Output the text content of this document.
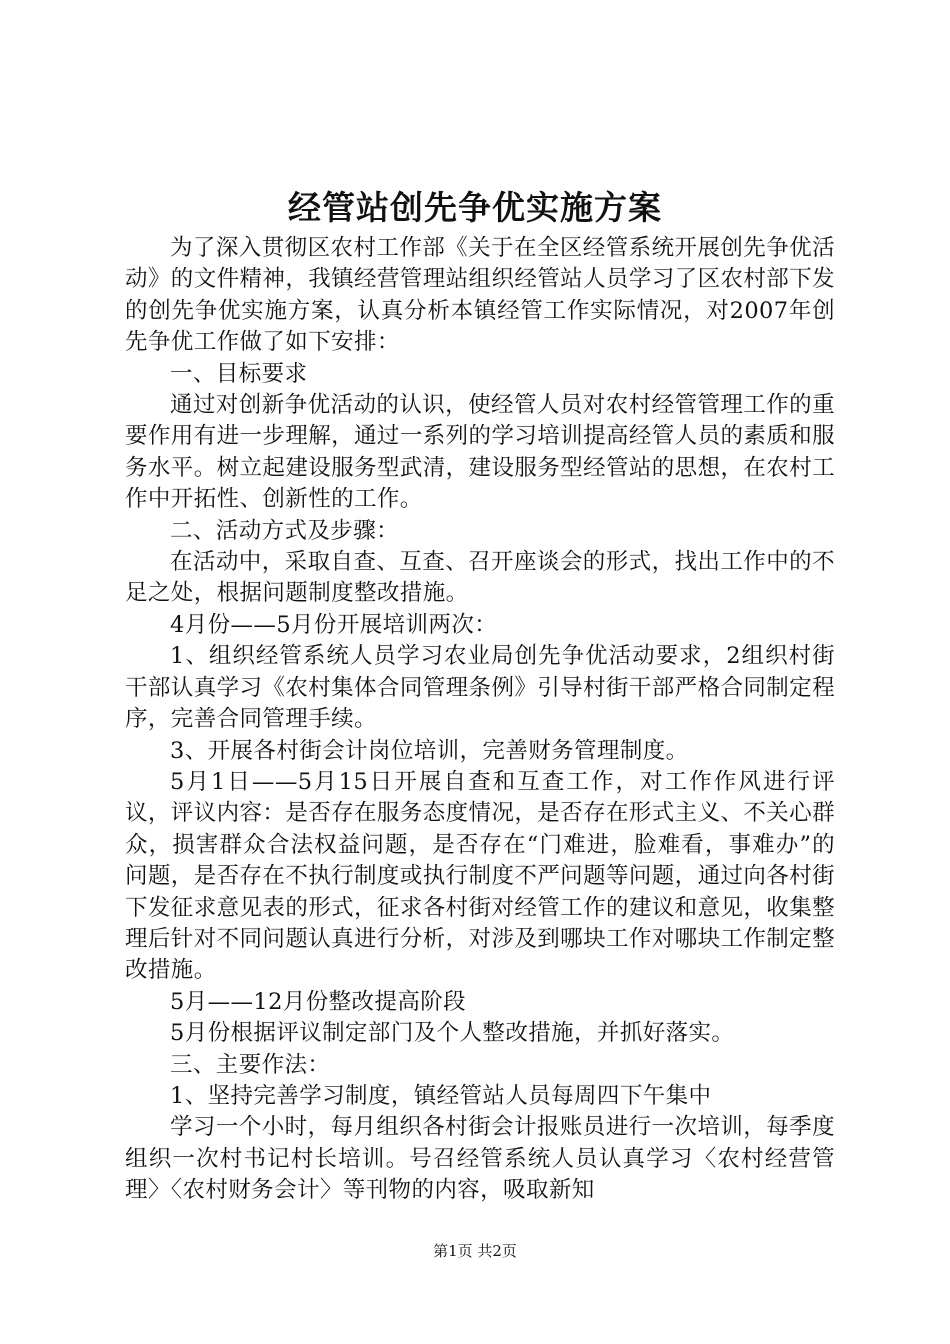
经管站创先争优实施方案

为了深入贯彻区农村工作部《关于在全区经管系统开展创先争优活动》的文件精神，我镇经营管理站组织经管站人员学习了区农村部下发的创先争优实施方案，认真分析本镇经管工作实际情况，对2007年创先争优工作做了如下安排：

一、目标要求

通过对创新争优活动的认识，使经管人员对农村经管管理工作的重要作用有进一步理解，通过一系列的学习培训提高经管人员的素质和服务水平。树立起建设服务型武清，建设服务型经管站的思想，在农村工作中开拓性、创新性的工作。

二、活动方式及步骤：

在活动中，采取自查、互查、召开座谈会的形式，找出工作中的不足之处，根据问题制度整改措施。

4月份——5月份开展培训两次：

1、组织经管系统人员学习农业局创先争优活动要求，2组织村街干部认真学习《农村集体合同管理条例》引导村街干部严格合同制定程序，完善合同管理手续。

3、开展各村街会计岗位培训，完善财务管理制度。

5月1日——5月15日开展自查和互查工作，对工作作风进行评议，评议内容：是否存在服务态度情况，是否存在形式主义、不关心群众，损害群众合法权益问题，是否存在“门难进，脸难看，事难办”的问题，是否存在不执行制度或执行制度不严问题等问题，通过向各村街下发征求意见表的形式，征求各村街对经管工作的建议和意见，收集整理后针对不同问题认真进行分析，对涉及到哪块工作对哪块工作制定整改措施。

5月——12月份整改提高阶段

5月份根据评议制定部门及个人整改措施，并抓好落实。

三、主要作法：

1、坚持完善学习制度，镇经管站人员每周四下午集中

学习一个小时，每月组织各村街会计报账员进行一次培训，每季度组织一次村书记村长培训。号召经管系统人员认真学习〈农村经营管理〉〈农村财务会计〉等刊物的内容，吸取新知

第1页 共2页
